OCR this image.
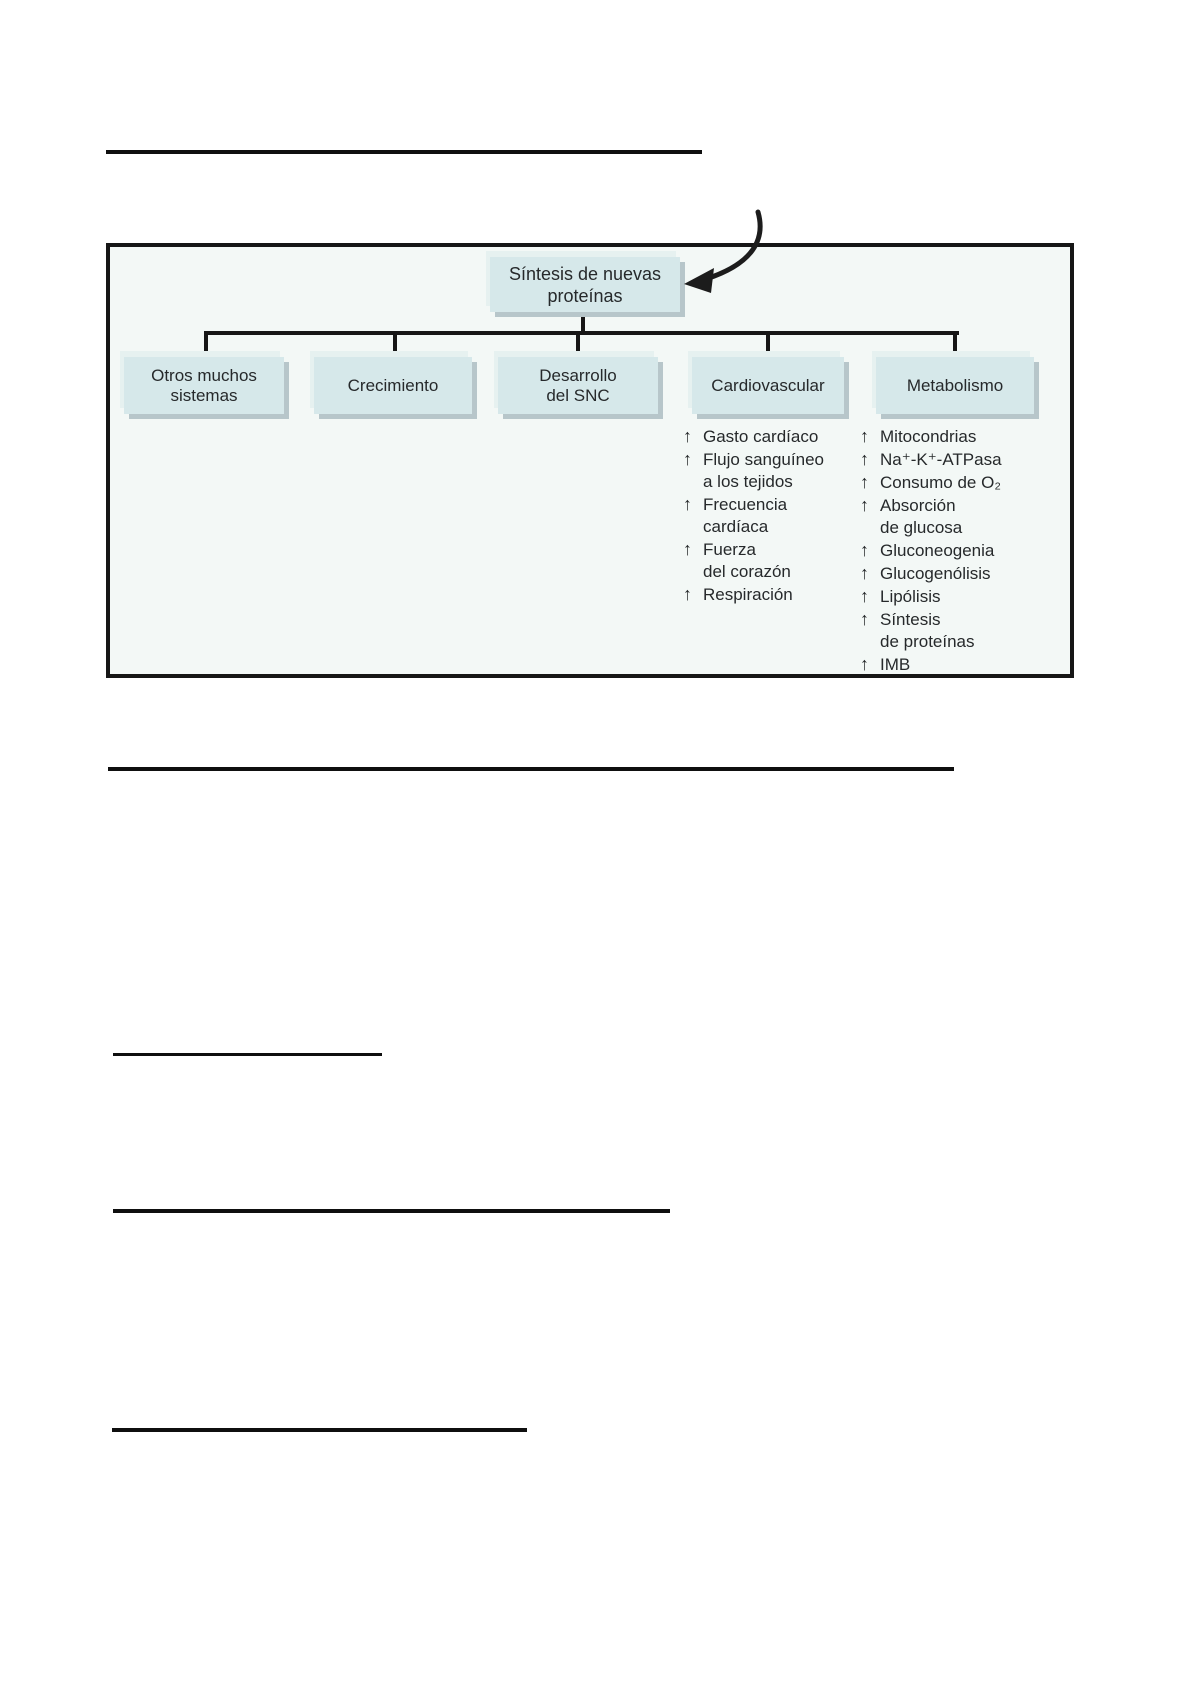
Síntesis de nuevas
proteínas
Otros muchos
sistemas
Crecimiento
Desarrollo
del SNC
Cardiovascular	Metabolismo
↑ Gasto cardíaco
↑ Flujo sanguíneo
a los tejidos
↑ Frecuencia
cardíaca
↑ Fuerza
del corazón
↑ Respiración
↑ Mitocondrias
↑ Na⁺-K⁺-ATPasa
↑ Consumo de O₂
↑ Absorción
de glucosa
↑ Gluconeogenia
↑ Glucogenólisis
↑ Lipólisis
↑ Síntesis
de proteínas
↑ IMB
